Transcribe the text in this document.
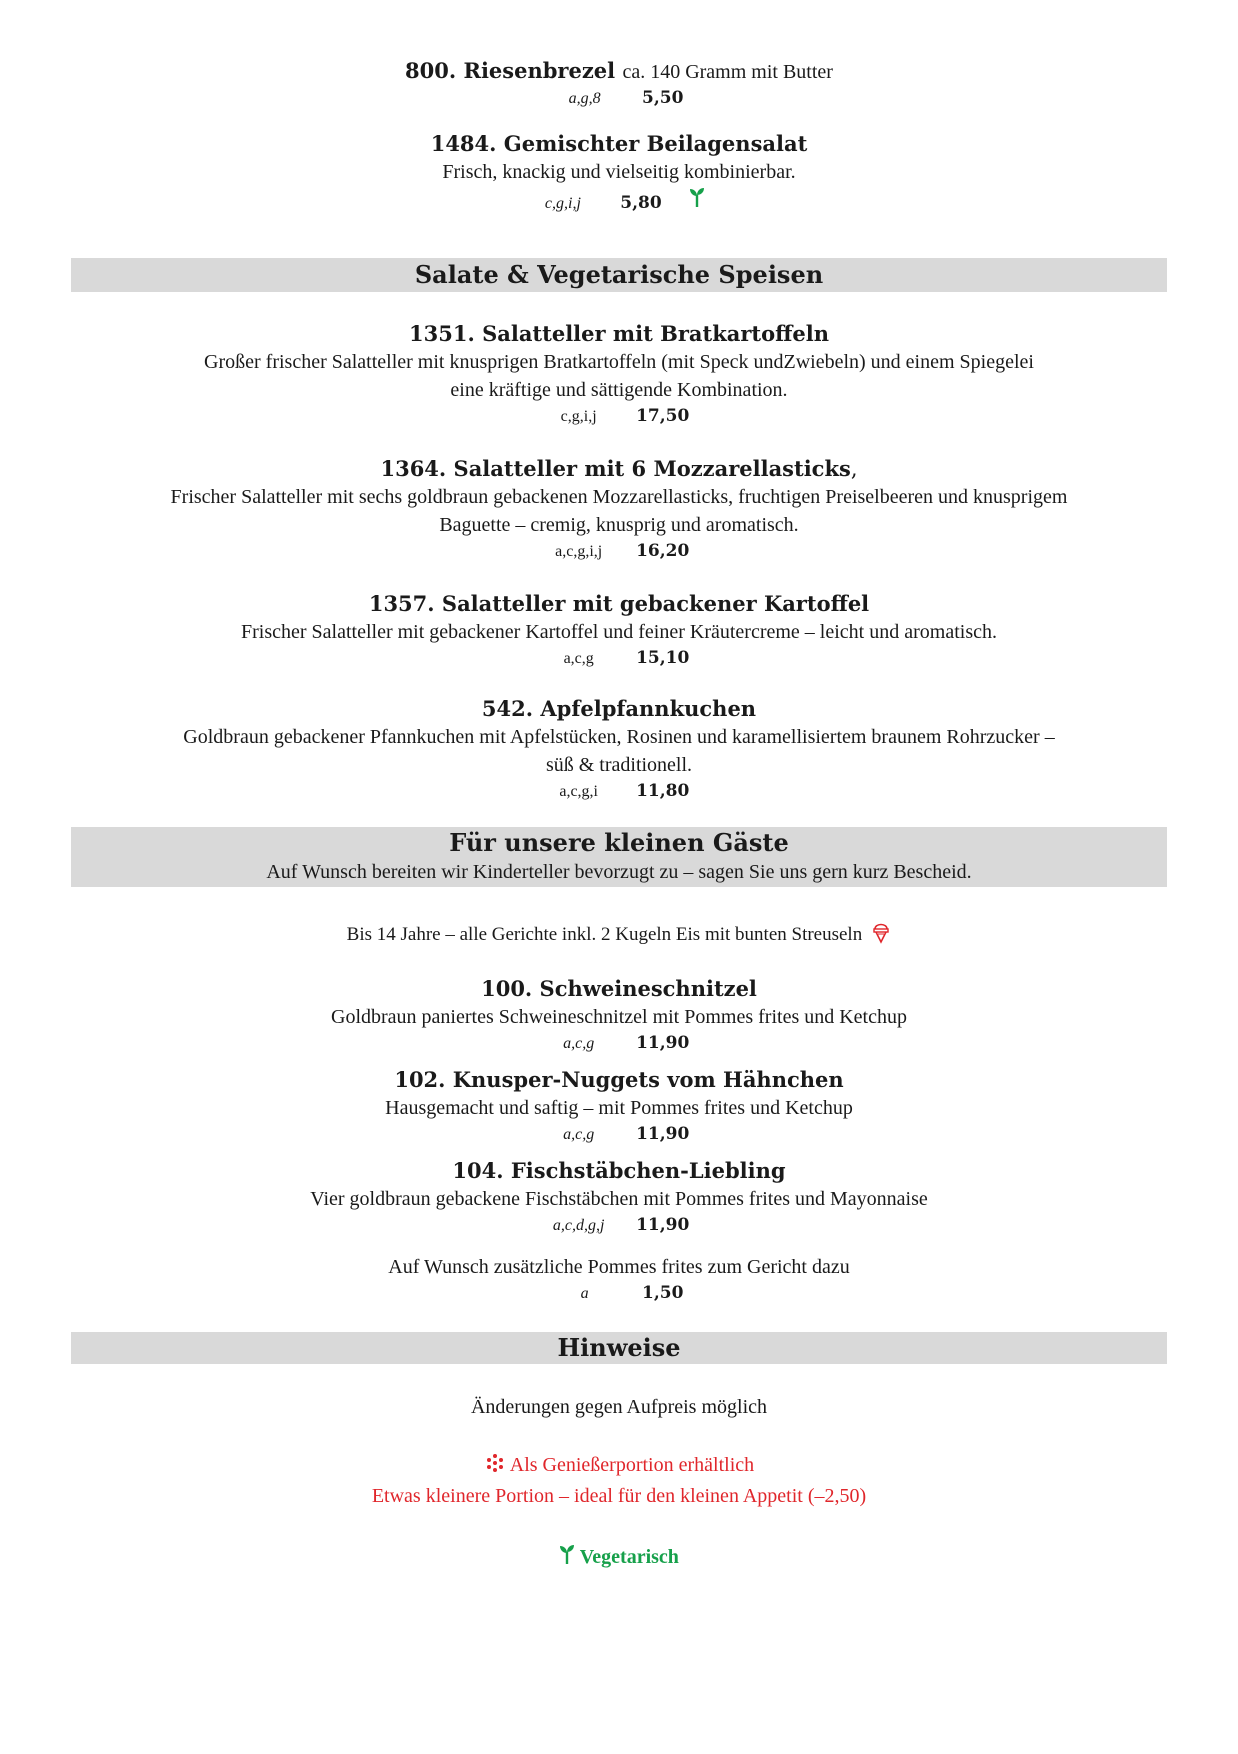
800. Riesenbrezel ca. 140 Gramm mit Butter
a,g,8 5,50
1484. Gemischter Beilagensalat
Frisch, knackig und vielseitig kombinierbar.
c,g,i,j 5,80
Salate & Vegetarische Speisen
1351. Salatteller mit Bratkartoffeln
Großer frischer Salatteller mit knusprigen Bratkartoffeln (mit Speck undZwiebeln) und einem Spiegelei
eine kräftige und sättigende Kombination.
c,g,i,j 17,50
1364. Salatteller mit 6 Mozzarellasticks,
Frischer Salatteller mit sechs goldbraun gebackenen Mozzarellasticks, fruchtigen Preiselbeeren und knusprigem
Baguette – cremig, knusprig und aromatisch.
a,c,g,i,j 16,20
1357. Salatteller mit gebackener Kartoffel
Frischer Salatteller mit gebackener Kartoffel und feiner Kräutercreme – leicht und aromatisch.
a,c,g 15,10
542. Apfelpfannkuchen
Goldbraun gebackener Pfannkuchen mit Apfelstücken, Rosinen und karamellisiertem braunem Rohrzucker –
süß & traditionell.
a,c,g,i 11,80
Für unsere kleinen Gäste
Auf Wunsch bereiten wir Kinderteller bevorzugt zu – sagen Sie uns gern kurz Bescheid.
Bis 14 Jahre – alle Gerichte inkl. 2 Kugeln Eis mit bunten Streuseln
100. Schweineschnitzel
Goldbraun paniertes Schweineschnitzel mit Pommes frites und Ketchup
a,c,g 11,90
102. Knusper-Nuggets vom Hähnchen
Hausgemacht und saftig – mit Pommes frites und Ketchup
a,c,g 11,90
104. Fischstäbchen-Liebling
Vier goldbraun gebackene Fischstäbchen mit Pommes frites und Mayonnaise
a,c,d,g,j 11,90
Auf Wunsch zusätzliche Pommes frites zum Gericht dazu
a	1,50
Hinweise
Änderungen gegen Aufpreis möglich
Als Genießerportion erhältlich
Etwas kleinere Portion – ideal für den kleinen Appetit (–2,50)
Vegetarisch
